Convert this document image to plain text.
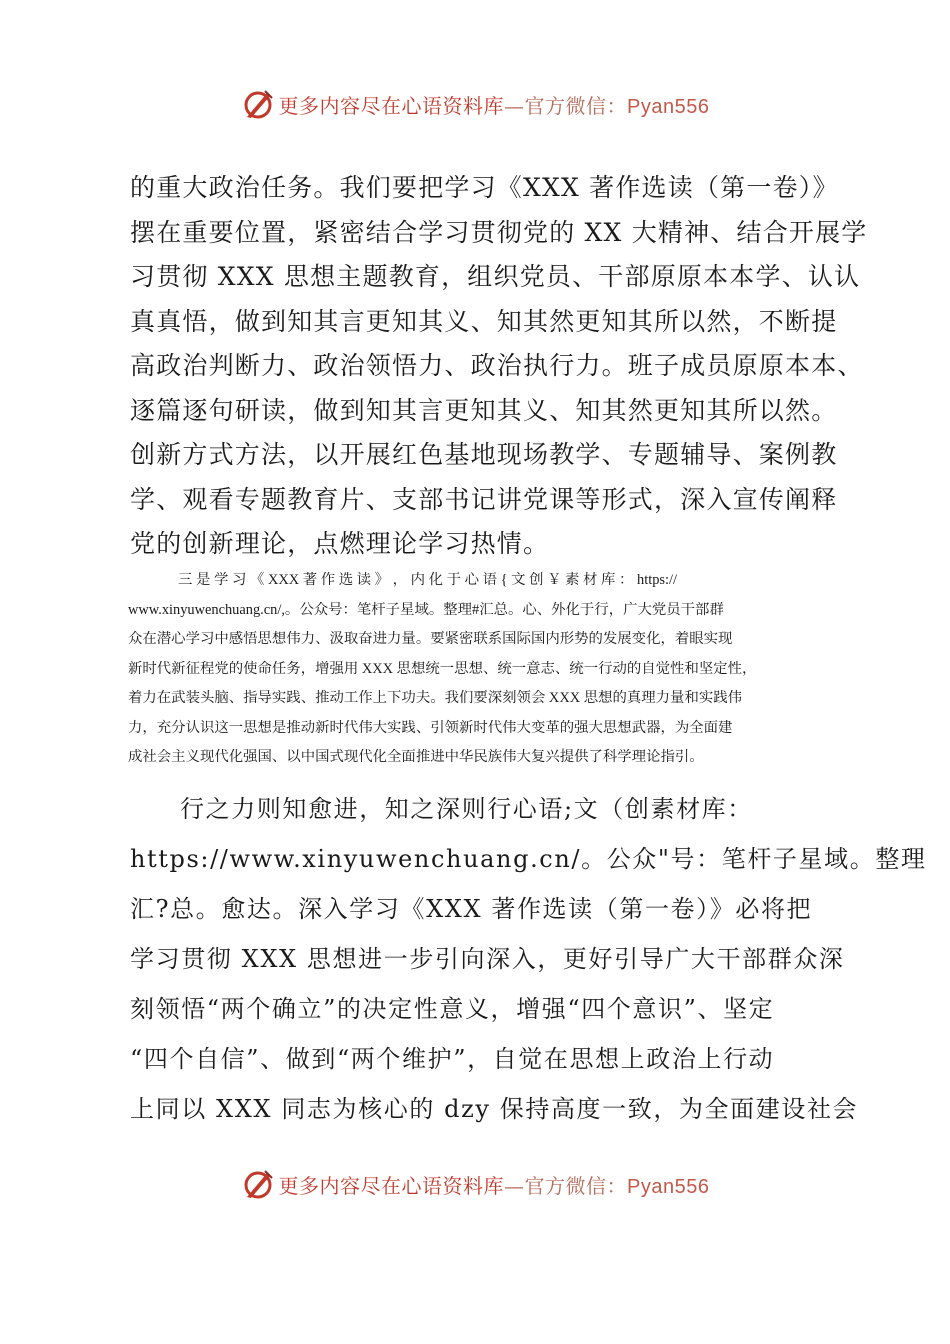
更多内容尽在心语资料库—官方微信：Pyan556
的重大政治任务。我们要把学习《XXX 著作选读（第一卷）》
摆在重要位置，紧密结合学习贯彻党的 XX 大精神、结合开展学
习贯彻 XXX 思想主题教育，组织党员、干部原原本本学、认认
真真悟，做到知其言更知其义、知其然更知其所以然，不断提
高政治判断力、政治领悟力、政治执行力。班子成员原原本本、
逐篇逐句研读，做到知其言更知其义、知其然更知其所以然。
创新方式方法，以开展红色基地现场教学、专题辅导、案例教
学、观看专题教育片、支部书记讲党课等形式，深入宣传阐释
党的创新理论，点燃理论学习热情。
三 是 学 习 《 XXX 著 作 选 读 》 ， 内 化 于 心 语 { 文 创 ￥ 素 材 库 ： https://
www.xinyuwenchuang.cn/,。公众号：笔杆子星域。整理#汇总。心、外化于行，广大党员干部群
众在潜心学习中感悟思想伟力、汲取奋进力量。要紧密联系国际国内形势的发展变化，着眼实现
新时代新征程党的使命任务，增强用 XXX 思想统一思想、统一意志、统一行动的自觉性和坚定性，
着力在武装头脑、指导实践、推动工作上下功夫。我们要深刻领会 XXX 思想的真理力量和实践伟
力，充分认识这一思想是推动新时代伟大实践、引领新时代伟大变革的强大思想武器，为全面建
成社会主义现代化强国、以中国式现代化全面推进中华民族伟大复兴提供了科学理论指引。
行之力则知愈进，知之深则行心语;文（创素材库：
https://www.xinyuwenchuang.cn/。公众"号：笔杆子星域。整理
汇?总。愈达。深入学习《XXX 著作选读（第一卷）》必将把
学习贯彻 XXX 思想进一步引向深入，更好引导广大干部群众深
刻领悟“两个确立”的决定性意义，增强“四个意识”、坚定
“四个自信”、做到“两个维护”，自觉在思想上政治上行动
上同以 XXX 同志为核心的 dzy 保持高度一致，为全面建设社会
更多内容尽在心语资料库—官方微信：Pyan556
